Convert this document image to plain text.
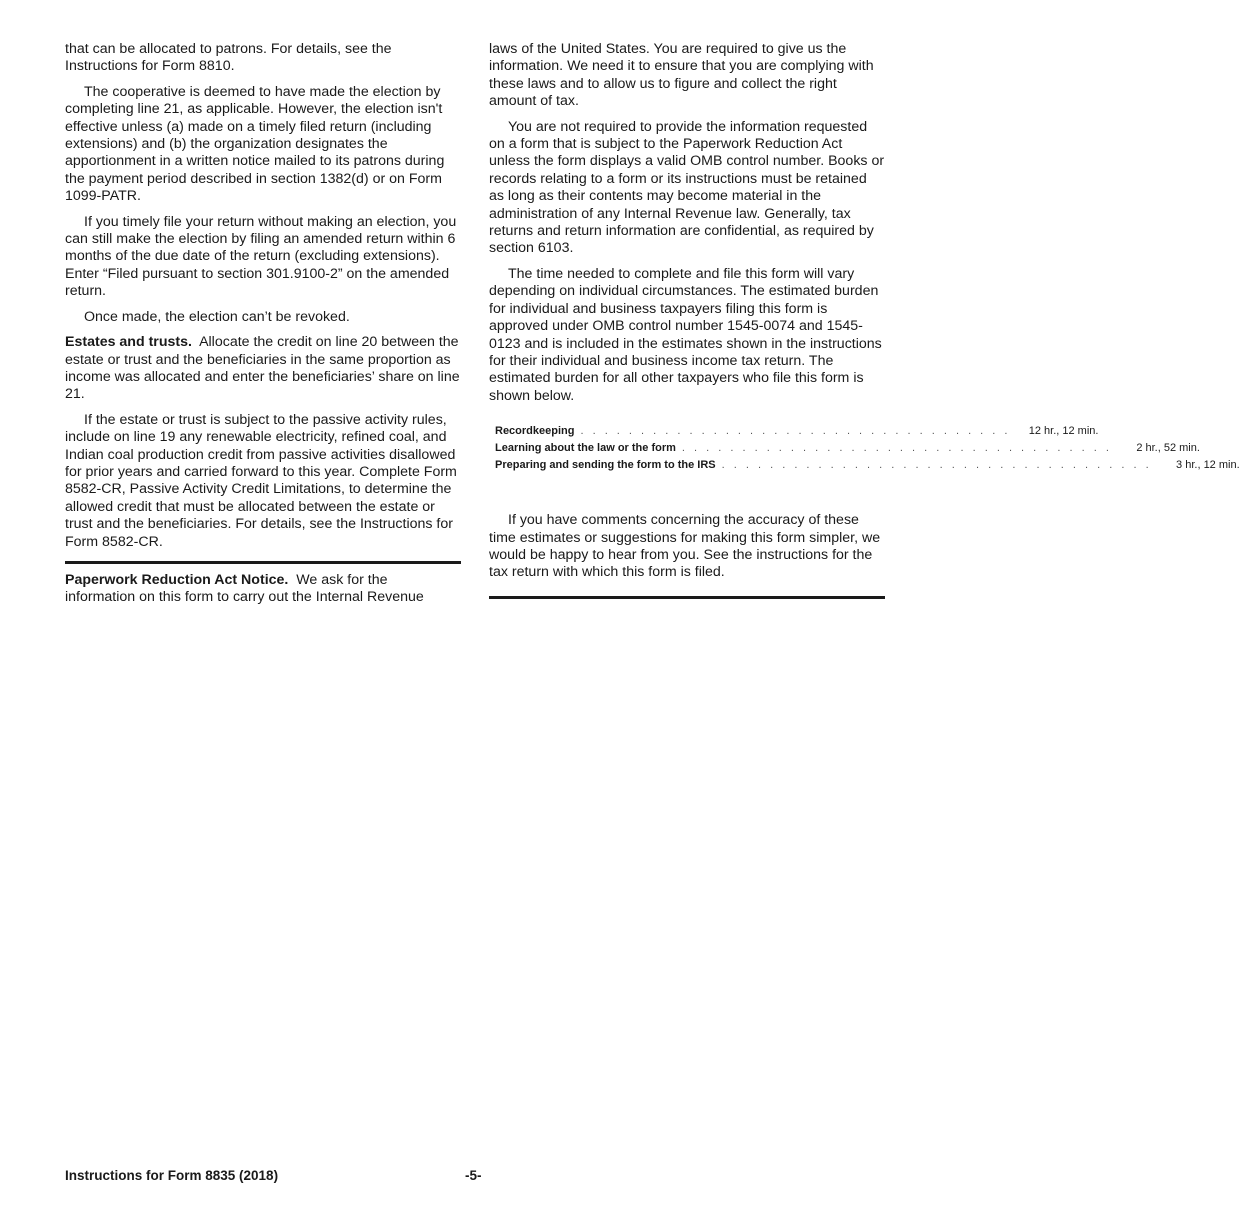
that can be allocated to patrons. For details, see the Instructions for Form 8810.

The cooperative is deemed to have made the election by completing line 21, as applicable. However, the election isn't effective unless (a) made on a timely filed return (including extensions) and (b) the organization designates the apportionment in a written notice mailed to its patrons during the payment period described in section 1382(d) or on Form 1099-PATR.

If you timely file your return without making an election, you can still make the election by filing an amended return within 6 months of the due date of the return (excluding extensions). Enter “Filed pursuant to section 301.9100-2” on the amended return.

Once made, the election can’t be revoked.

Estates and trusts. Allocate the credit on line 20 between the estate or trust and the beneficiaries in the same proportion as income was allocated and enter the beneficiaries’ share on line 21.

If the estate or trust is subject to the passive activity rules, include on line 19 any renewable electricity, refined coal, and Indian coal production credit from passive activities disallowed for prior years and carried forward to this year. Complete Form 8582-CR, Passive Activity Credit Limitations, to determine the allowed credit that must be allocated between the estate or trust and the beneficiaries. For details, see the Instructions for Form 8582-CR.

Paperwork Reduction Act Notice. We ask for the information on this form to carry out the Internal Revenue

laws of the United States. You are required to give us the information. We need it to ensure that you are complying with these laws and to allow us to figure and collect the right amount of tax.

You are not required to provide the information requested on a form that is subject to the Paperwork Reduction Act unless the form displays a valid OMB control number. Books or records relating to a form or its instructions must be retained as long as their contents may become material in the administration of any Internal Revenue law. Generally, tax returns and return information are confidential, as required by section 6103.

The time needed to complete and file this form will vary depending on individual circumstances. The estimated burden for individual and business taxpayers filing this form is approved under OMB control number 1545-0074 and 1545-0123 and is included in the estimates shown in the instructions for their individual and business income tax return. The estimated burden for all other taxpayers who file this form is shown below.

Recordkeeping . . . . . . . . . . . . . . . . . . . . . . . . . . . . . . . . . . . .	12 hr., 12 min.
Learning about the law or the form . . . . . . . . . . . . . . . . . . . . . . . . . . . . . . . . . . . .	2 hr., 52 min.
Preparing and sending the form to the IRS . . . . . . . . . . . . . . . . . . . . . . . . . . . . . . . . . . . .	3 hr., 12 min.

If you have comments concerning the accuracy of these time estimates or suggestions for making this form simpler, we would be happy to hear from you. See the instructions for the tax return with which this form is filed.

Instructions for Form 8835 (2018)	-5-
